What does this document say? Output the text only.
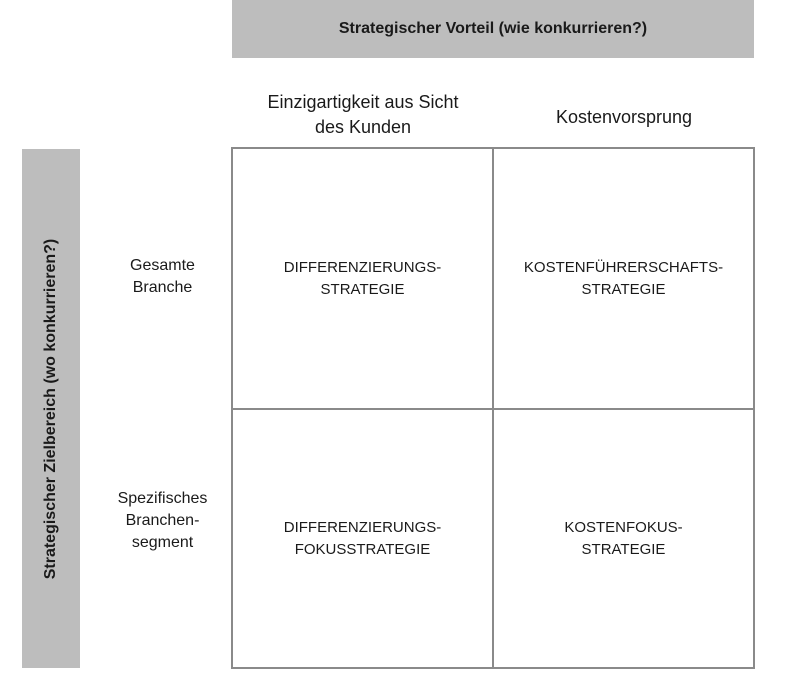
Strategischer Vorteil (wie konkurrieren?)
Strategischer Zielbereich (wo konkurrieren?)
Einzigartigkeit aus Sicht
des Kunden	Kostenvorsprung
Gesamte
Branche
Spezifisches
Branchen-
segment
DIFFERENZIERUNGS-
STRATEGIE
KOSTENFÜHRERSCHAFTS-
STRATEGIE
DIFFERENZIERUNGS-
FOKUSSTRATEGIE
KOSTENFOKUS-
STRATEGIE
